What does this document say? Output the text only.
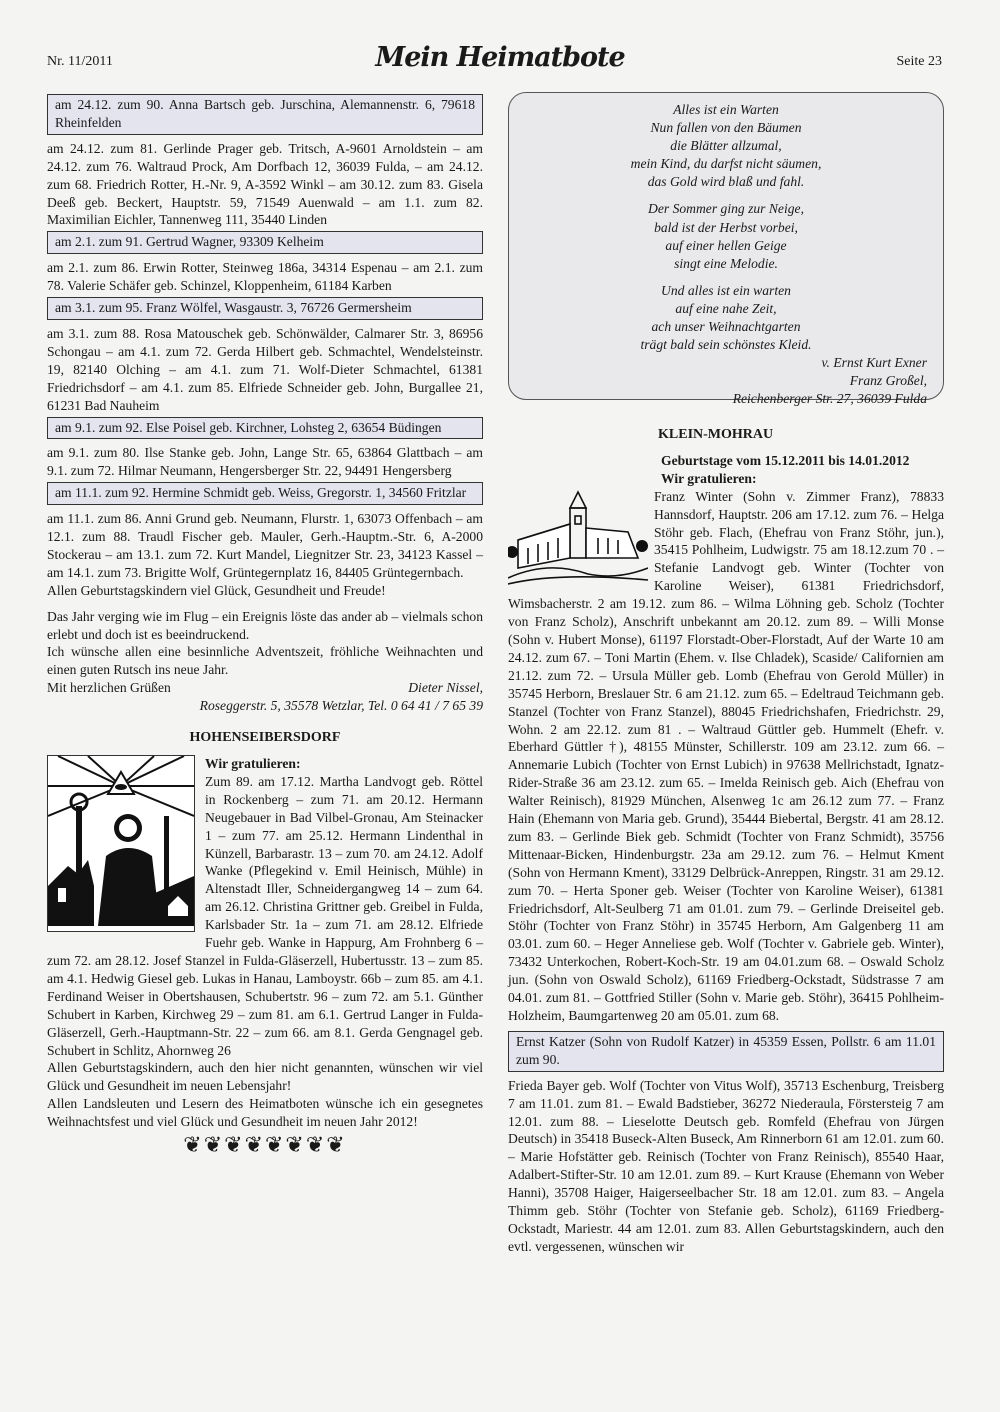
Nr. 11/2011	Mein Heimatbote	Seite 23
am 24.12. zum 90. Anna Bartsch geb. Jurschina, Alemannenstr. 6, 79618 Rheinfelden

am 24.12. zum 81. Gerlinde Prager geb. Tritsch, A-9601 Arnoldstein – am 24.12. zum 76. Waltraud Prock, Am Dorfbach 12, 36039 Fulda, – am 24.12. zum 68. Friedrich Rotter, H.-Nr. 9, A-3592 Winkl – am 30.12. zum 83. Gisela Deeß geb. Beckert, Hauptstr. 59, 71549 Auenwald – am 1.1. zum 82. Maximilian Eichler, Tannenweg 111, 35440 Linden

am 2.1. zum 91. Gertrud Wagner, 93309 Kelheim

am 2.1. zum 86. Erwin Rotter, Steinweg 186a, 34314 Espenau – am 2.1. zum 78. Valerie Schäfer geb. Schinzel, Kloppenheim, 61184 Karben

am 3.1. zum 95. Franz Wölfel, Wasgaustr. 3, 76726 Germersheim

am 3.1. zum 88. Rosa Matouschek geb. Schönwälder, Calmarer Str. 3, 86956 Schongau – am 4.1. zum 72. Gerda Hilbert geb. Schmachtel, Wendelsteinstr. 19, 82140 Olching – am 4.1. zum 71. Wolf-Dieter Schmachtel, 61381 Friedrichsdorf – am 4.1. zum 85. Elfriede Schneider geb. John, Burgallee 21, 61231 Bad Nauheim

am 9.1. zum 92. Else Poisel geb. Kirchner, Lohsteg 2, 63654 Büdingen

am 9.1. zum 80. Ilse Stanke geb. John, Lange Str. 65, 63864 Glattbach – am 9.1. zum 72. Hilmar Neumann, Hengersberger Str. 22, 94491 Hengersberg

am 11.1. zum 92. Hermine Schmidt geb. Weiss, Gregorstr. 1, 34560 Fritzlar

am 11.1. zum 86. Anni Grund geb. Neumann, Flurstr. 1, 63073 Offenbach – am 12.1. zum 88. Traudl Fischer geb. Mauler, Gerh.-Hauptm.-Str. 6, A-2000 Stockerau – am 13.1. zum 72. Kurt Mandel, Liegnitzer Str. 23, 34123 Kassel – am 14.1. zum 73. Brigitte Wolf, Grüntegernplatz 16, 84405 Grüntegernbach.

Allen Geburtstagskindern viel Glück, Gesundheit und Freude!

Das Jahr verging wie im Flug – ein Ereignis löste das ander ab – vielmals schon erlebt und doch ist es beeindruckend.

Ich wünsche allen eine besinnliche Adventszeit, fröhliche Weihnachten und einen guten Rutsch ins neue Jahr.

Mit herzlichen Grüßen	Dieter Nissel,
Roseggerstr. 5, 35578 Wetzlar, Tel. 0 64 41 / 7 65 39
HOHENSEIBERSDORF

Wir gratulieren:

Zum 89. am 17.12. Martha Landvogt geb. Röttel in Rockenberg – zum 71. am 20.12. Hermann Neugebauer in Bad Vilbel-Gronau, Am Steinacker 1 – zum 77. am 25.12. Hermann Lindenthal in Künzell, Barbarastr. 13 – zum 70. am 24.12. Adolf Wanke (Pflegekind v. Emil Heinisch, Mühle) in Altenstadt Iller, Schneidergangweg 14 – zum 64. am 26.12. Christina Grittner geb. Greibel in Fulda, Karlsbader Str. 1a – zum 71. am 28.12. Elfriede Fuehr geb. Wanke in Happurg, Am Frohnberg 6 – zum 72. am 28.12. Josef Stanzel in Fulda-Gläserzell, Hubertusstr. 13 – zum 85. am 4.1. Hedwig Giesel geb. Lukas in Hanau, Lamboystr. 66b – zum 85. am 4.1. Ferdinand Weiser in Obertshausen, Schubertstr. 96 – zum 72. am 5.1. Günther Schubert in Karben, Kirchweg 29 – zum 81. am 6.1. Gertrud Langer in Fulda-Gläserzell, Gerh.-Hauptmann-Str. 22 – zum 66. am 8.1. Gerda Gengnagel geb. Schubert in Schlitz, Ahornweg 26

Allen Geburtstagskindern, auch den hier nicht genannten, wünschen wir viel Glück und Gesundheit im neuen Lebensjahr!

Allen Landsleuten und Lesern des Heimatboten wünsche ich ein gesegnetes Weihnachtsfest und viel Glück und Gesundheit im neuen Jahr 2012!

❦❦❦❦❦❦❦❦
Alles ist ein Warten
Nun fallen von den Bäumen
die Blätter allzumal,
mein Kind, du darfst nicht säumen,
das Gold wird blaß und fahl.
Der Sommer ging zur Neige,
bald ist der Herbst vorbei,
auf einer hellen Geige
singt eine Melodie.
Und alles ist ein warten
auf eine nahe Zeit,
ach unser Weihnachtgarten
trägt bald sein schönstes Kleid.
v. Ernst Kurt Exner
Franz Großel,
Reichenberger Str. 27, 36039 Fulda
KLEIN-MOHRAU
Geburtstage vom 15.12.2011 bis 14.01.2012
Wir gratulieren:

Franz Winter (Sohn v. Zimmer Franz), 78833 Hannsdorf, Hauptstr. 206 am 17.12. zum 76. – Helga Stöhr geb. Flach, (Ehefrau von Franz Stöhr, jun.), 35415 Pohlheim, Ludwigstr. 75 am 18.12.zum 70 . – Stefanie Landvogt geb. Winter (Tochter von Karoline Weiser), 61381 Friedrichsdorf, Wimsbacherstr. 2 am 19.12. zum 86. – Wilma Löhning geb. Scholz (Tochter von Franz Scholz), Anschrift unbekannt am 20.12. zum 89. – Willi Monse (Sohn v. Hubert Monse), 61197 Florstadt-Ober-Florstadt, Auf der Warte 10 am 24.12. zum 67. – Toni Martin (Ehem. v. Ilse Chladek), Scaside/ Californien am 21.12. zum 72. – Ursula Müller geb. Lomb (Ehefrau von Gerold Müller) in 35745 Herborn, Breslauer Str. 6 am 21.12. zum 65. – Edeltraud Teichmann geb. Stanzel (Tochter von Franz Stanzel), 88045 Friedrichshafen, Friedrichstr. 29, Wohn. 2 am 22.12. zum 81 . – Waltraud Güttler geb. Hummelt (Ehefr. v. Eberhard Güttler †), 48155 Münster, Schillerstr. 109 am 23.12. zum 66. – Annemarie Lubich (Tochter von Ernst Lubich) in 97638 Mellrichstadt, Ignatz-Rider-Straße 36 am 23.12. zum 65. – Imelda Reinisch geb. Aich (Ehefrau von Walter Reinisch), 81929 München, Alsenweg 1c am 26.12 zum 77. – Franz Hain (Ehemann von Maria geb. Grund), 35444 Biebertal, Bergstr. 41 am 28.12. zum 83. – Gerlinde Biek geb. Schmidt (Tochter von Franz Schmidt), 35756 Mittenaar-Bicken, Hindenburgstr. 23a am 29.12. zum 76. – Helmut Kment (Sohn von Hermann Kment), 33129 Delbrück-Anreppen, Ringstr. 31 am 29.12. zum 70. – Herta Sponer geb. Weiser (Tochter von Karoline Weiser), 61381 Friedrichsdorf, Alt-Seulberg 71 am 01.01. zum 79. – Gerlinde Dreiseitel geb. Stöhr (Tochter von Franz Stöhr) in 35745 Herborn, Am Galgenberg 11 am 03.01. zum 60. – Heger Anneliese geb. Wolf (Tochter v. Gabriele geb. Winter), 73432 Unterkochen, Robert-Koch-Str. 19 am 04.01.zum 68. – Oswald Scholz jun. (Sohn von Oswald Scholz), 61169 Friedberg-Ockstadt, Südstrasse 7 am 04.01. zum 81. – Gottfried Stiller (Sohn v. Marie geb. Stöhr), 36415 Pohlheim-Holzheim, Baumgartenweg 20 am 05.01. zum 68.

Ernst Katzer (Sohn von Rudolf Katzer) in 45359 Essen, Pollstr. 6 am 11.01 zum 90.

Frieda Bayer geb. Wolf (Tochter von Vitus Wolf), 35713 Eschenburg, Treisberg 7 am 11.01. zum 81. – Ewald Badstieber, 36272 Niederaula, Förstersteig 7 am 12.01. zum 88. – Lieselotte Deutsch geb. Romfeld (Ehefrau von Jürgen Deutsch) in 35418 Buseck-Alten Buseck, Am Rinnerborn 61 am 12.01. zum 60. – Marie Hofstätter geb. Reinisch (Tochter von Franz Reinisch), 85540 Haar, Adalbert-Stifter-Str. 10 am 12.01. zum 89. – Kurt Krause (Ehemann von Weber Hanni), 35708 Haiger, Haigerseelbacher Str. 18 am 12.01. zum 83. – Angela Thimm geb. Stöhr (Tochter von Stefanie geb. Scholz), 61169 Friedberg-Ockstadt, Mariestr. 44 am 12.01. zum 83. Allen Geburtstagskindern, auch den evtl. vergessenen, wünschen wir
